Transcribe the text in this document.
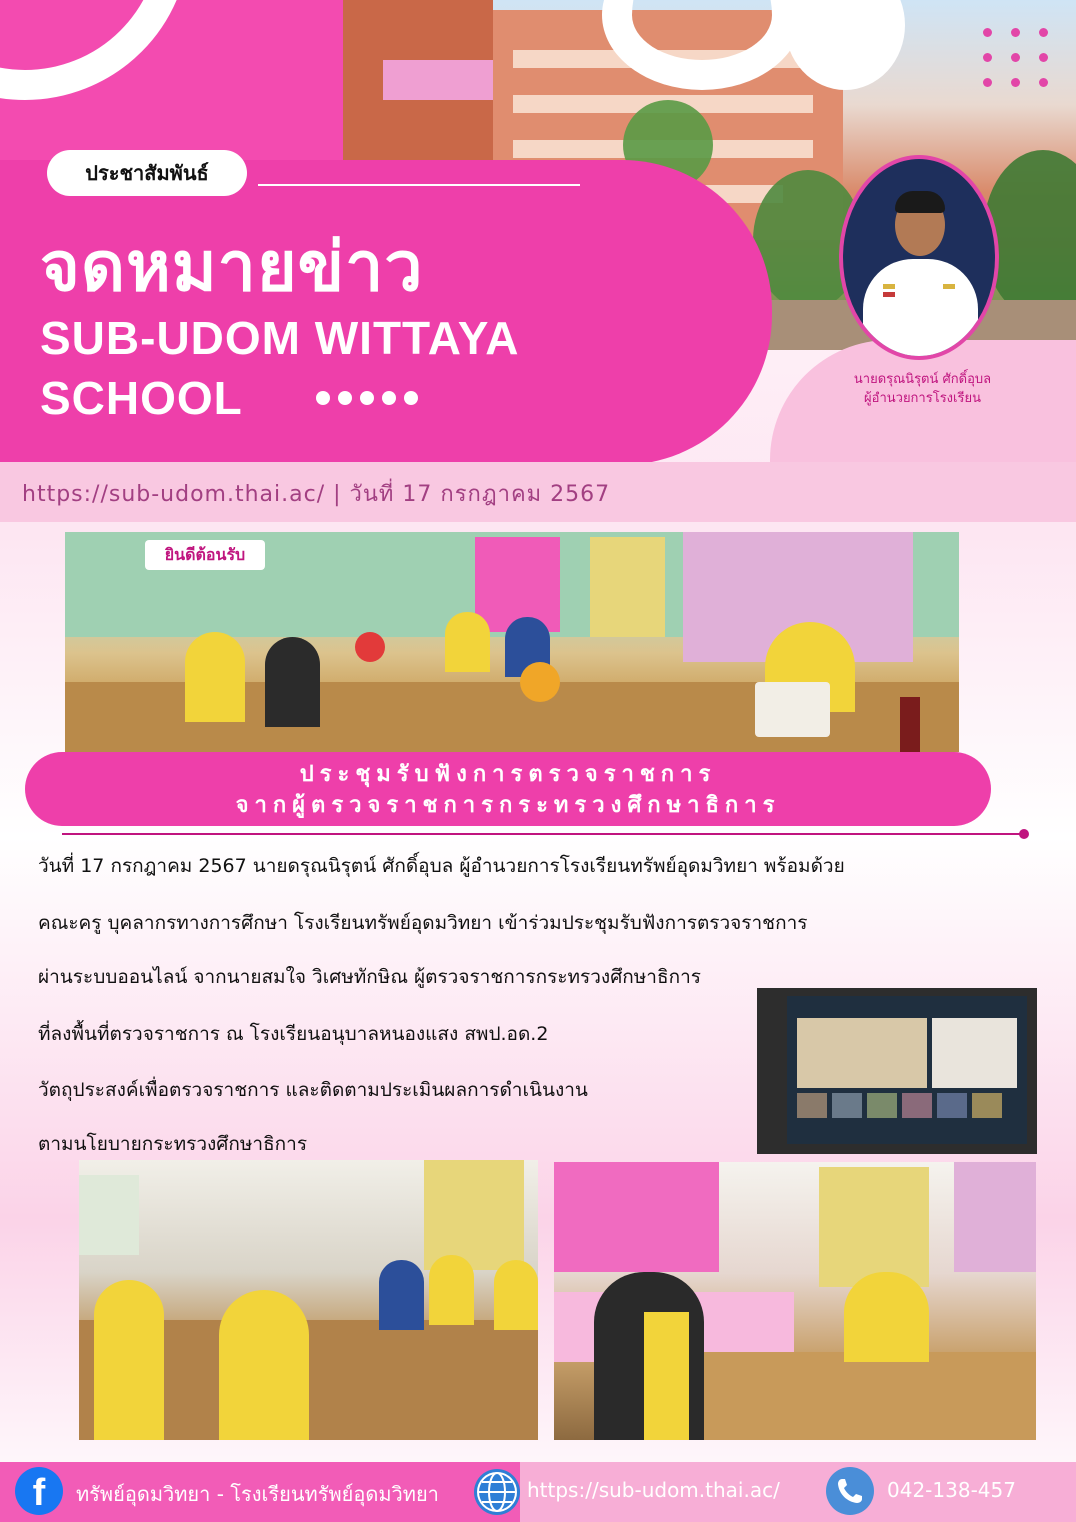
ประชาสัมพันธ์
จดหมายข่าว
SUB-UDOM WITTAYA SCHOOL	นายดรุณนิรุตน์ ศักดิ์อุบล
ผู้อำนวยการโรงเรียน
https://sub-udom.thai.ac/ | วันที่ 17 กรกฎาคม 2567
ยินดีต้อนรับ
ประชุมรับฟังการตรวจราชการ
จากผู้ตรวจราชการกระทรวงศึกษาธิการ
วันที่ 17 กรกฎาคม 2567 นายดรุณนิรุตน์ ศักดิ์อุบล ผู้อำนวยการโรงเรียนทรัพย์อุดมวิทยา พร้อมด้วย
คณะครู บุคลากรทางการศึกษา โรงเรียนทรัพย์อุดมวิทยา เข้าร่วมประชุมรับฟังการตรวจราชการ
ผ่านระบบออนไลน์ จากนายสมใจ วิเศษทักษิณ ผู้ตรวจราชการกระทรวงศึกษาธิการ
ที่ลงพื้นที่ตรวจราชการ ณ โรงเรียนอนุบาลหนองแสง สพป.อด.2
วัตถุประสงค์เพื่อตรวจราชการ และติดตามประเมินผลการดำเนินงาน
ตามนโยบายกระทรวงศึกษาธิการ
f	ทรัพย์อุดมวิทยา - โรงเรียนทรัพย์อุดมวิทยา	https://sub-udom.thai.ac/	042-138-457
